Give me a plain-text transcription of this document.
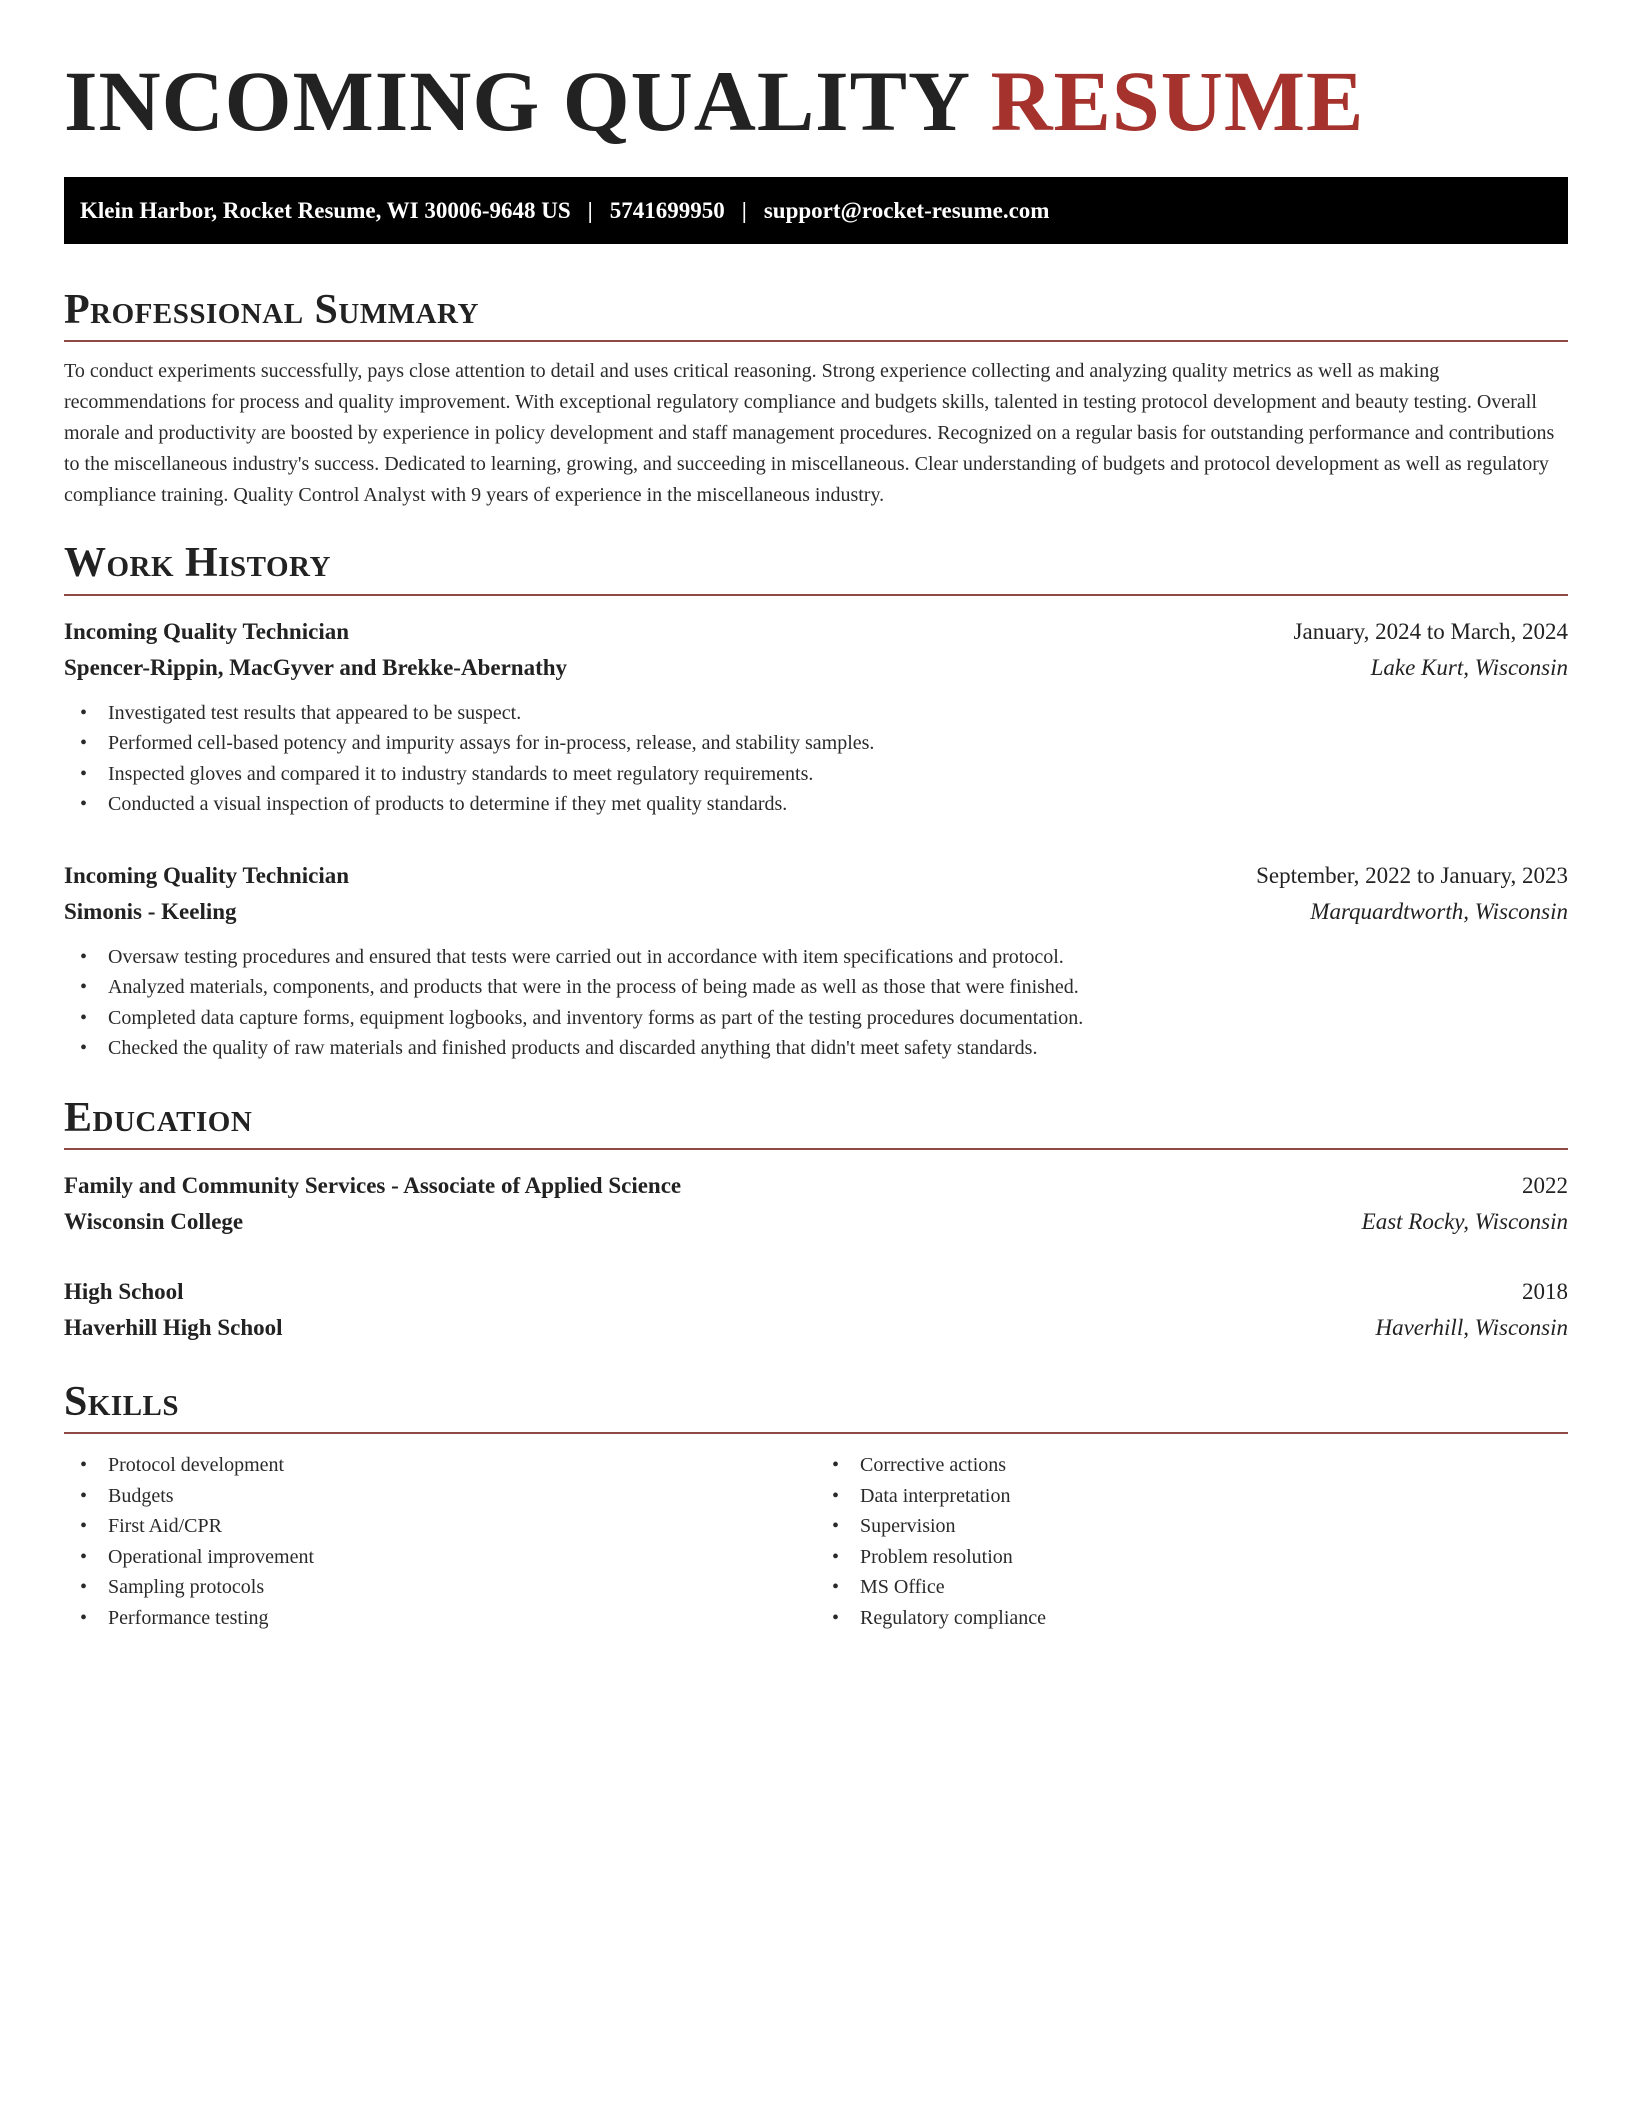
INCOMING QUALITY RESUME
Klein Harbor, Rocket Resume, WI 30006-9648 US | 5741699950 | support@rocket-resume.com
Professional Summary

To conduct experiments successfully, pays close attention to detail and uses critical reasoning. Strong experience collecting and analyzing quality metrics as well as making recommendations for process and quality improvement. With exceptional regulatory compliance and budgets skills, talented in testing protocol development and beauty testing. Overall morale and productivity are boosted by experience in policy development and staff management procedures. Recognized on a regular basis for outstanding performance and contributions to the miscellaneous industry's success. Dedicated to learning, growing, and succeeding in miscellaneous. Clear understanding of budgets and protocol development as well as regulatory compliance training. Quality Control Analyst with 9 years of experience in the miscellaneous industry.

Work History
Incoming Quality Technician	January, 2024 to March, 2024
Spencer-Rippin, MacGyver and Brekke-Abernathy	Lake Kurt, Wisconsin
• Investigated test results that appeared to be suspect.
• Performed cell-based potency and impurity assays for in-process, release, and stability samples.
• Inspected gloves and compared it to industry standards to meet regulatory requirements.
• Conducted a visual inspection of products to determine if they met quality standards.
Incoming Quality Technician	September, 2022 to January, 2023
Simonis - Keeling	Marquardtworth, Wisconsin
• Oversaw testing procedures and ensured that tests were carried out in accordance with item specifications and protocol.
• Analyzed materials, components, and products that were in the process of being made as well as those that were finished.
• Completed data capture forms, equipment logbooks, and inventory forms as part of the testing procedures documentation.
• Checked the quality of raw materials and finished products and discarded anything that didn't meet safety standards.
Education
Family and Community Services - Associate of Applied Science	2022
Wisconsin College	East Rocky, Wisconsin
High School	2018
Haverhill High School	Haverhill, Wisconsin
Skills
• Protocol development
• Budgets
• First Aid/CPR
• Operational improvement
• Sampling protocols
• Performance testing
• Corrective actions
• Data interpretation
• Supervision
• Problem resolution
• MS Office
• Regulatory compliance
